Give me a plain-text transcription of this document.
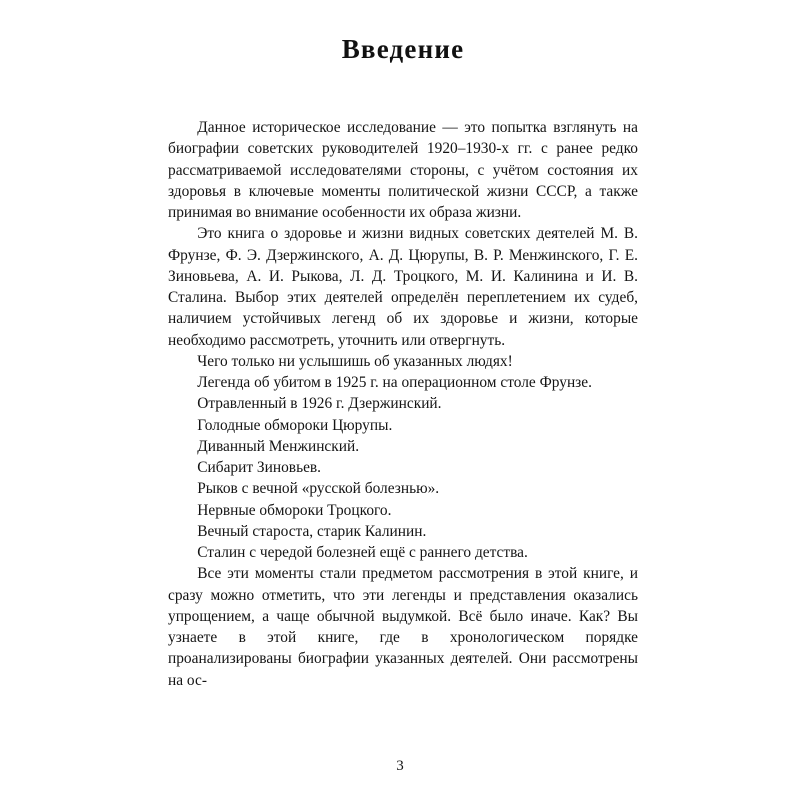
Введение

Данное историческое исследование — это попытка взглянуть на биографии советских руководителей 1920–1930-х гг. с ранее редко рассматриваемой исследователями стороны, с учётом состояния их здоровья в ключевые моменты политической жизни СССР, а также принимая во внимание особенности их образа жизни.

Это книга о здоровье и жизни видных советских деятелей М. В. Фрунзе, Ф. Э. Дзержинского, А. Д. Цюрупы, В. Р. Менжинского, Г. Е. Зиновьева, А. И. Рыкова, Л. Д. Троцкого, М. И. Калинина и И. В. Сталина. Выбор этих деятелей определён переплетением их судеб, наличием устойчивых легенд об их здоровье и жизни, которые необходимо рассмотреть, уточнить или отвергнуть.

Чего только ни услышишь об указанных людях!

Легенда об убитом в 1925 г. на операционном столе Фрунзе.

Отравленный в 1926 г. Дзержинский.

Голодные обмороки Цюрупы.

Диванный Менжинский.

Сибарит Зиновьев.

Рыков с вечной «русской болезнью».

Нервные обмороки Троцкого.

Вечный староста, старик Калинин.

Сталин с чередой болезней ещё с раннего детства.

Все эти моменты стали предметом рассмотрения в этой книге, и сразу можно отметить, что эти легенды и представления оказались упрощением, а чаще обычной выдумкой. Всё было иначе. Как? Вы узнаете в этой книге, где в хронологическом порядке проанализированы биографии указанных деятелей. Они рассмотрены на ос-

3
